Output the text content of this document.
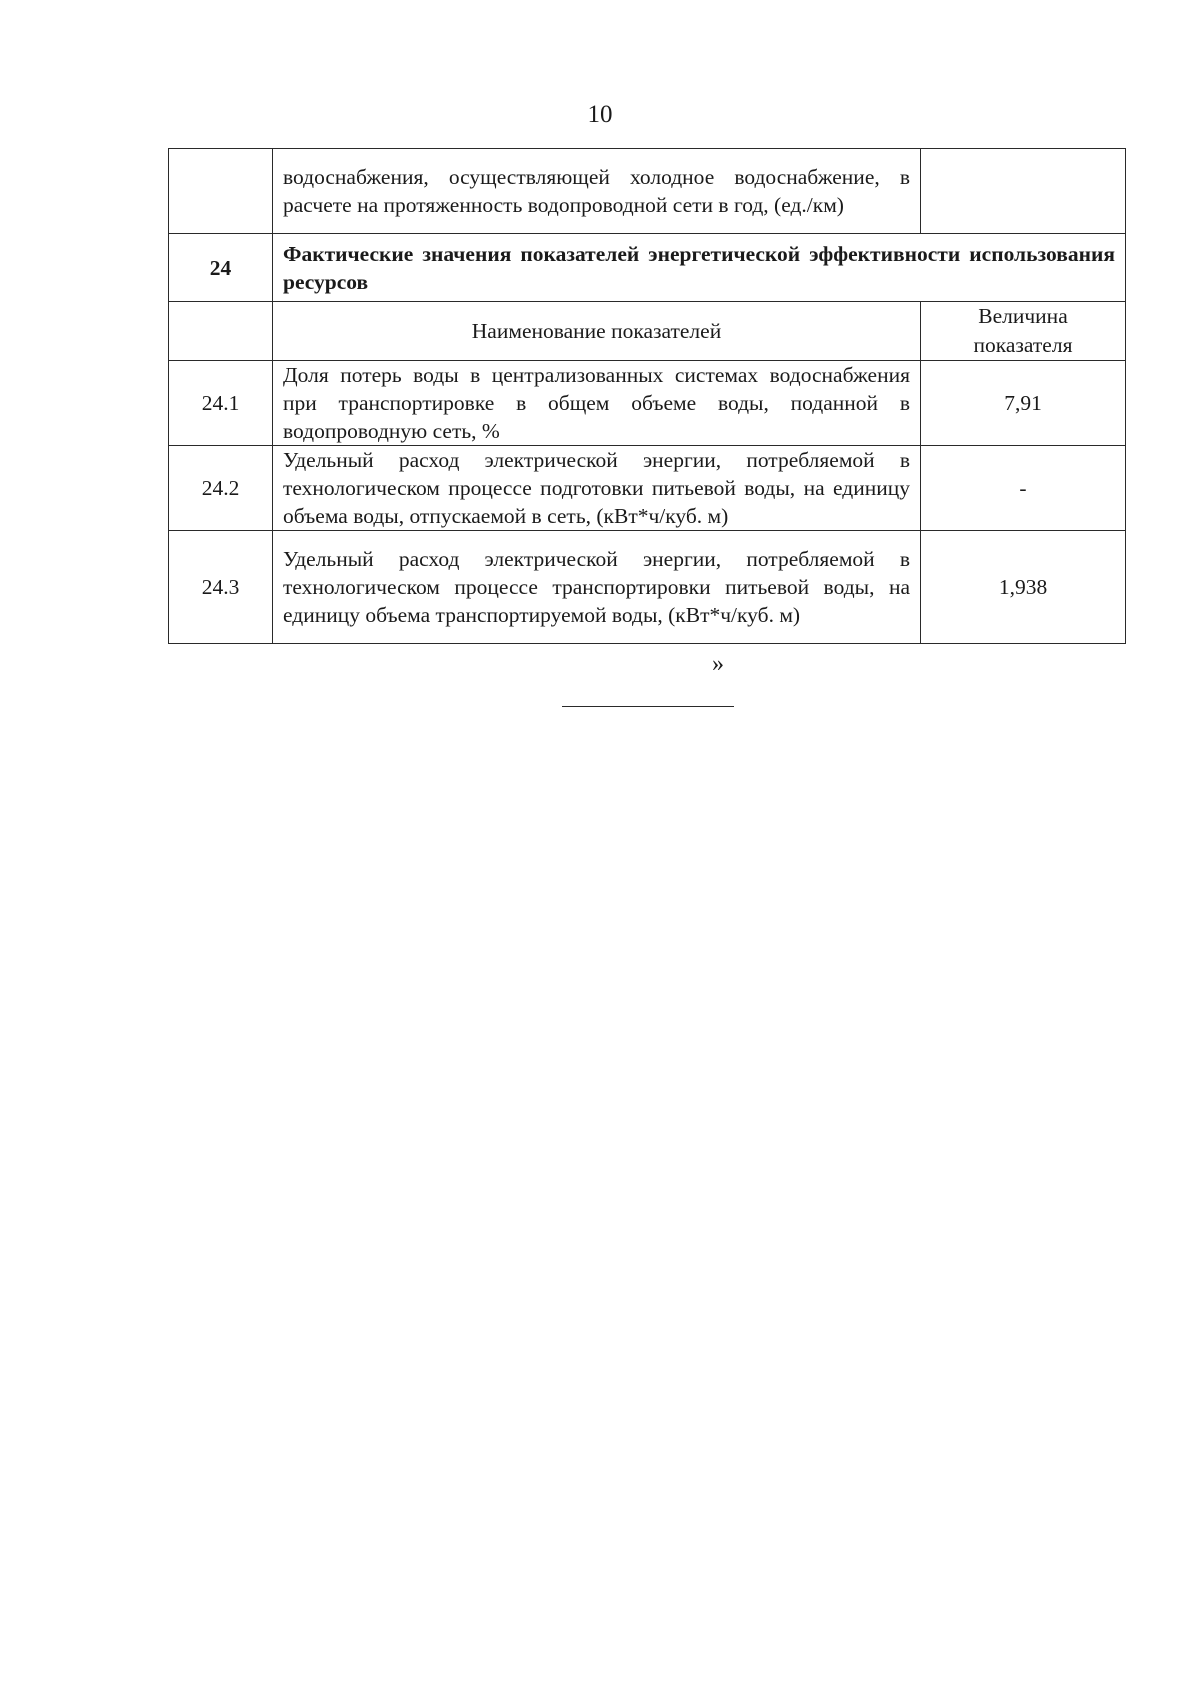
10
	водоснабжения, осуществляющей холодное водоснабжение, в расчете на протяженность водопроводной сети в год, (ед./км)	
24	Фактические значения показателей энергетической эффективности использования ресурсов	
	Наименование показателей	Величина показателя
24.1	Доля потерь воды в централизованных системах водоснабжения при транспортировке в общем объеме воды, поданной в водопроводную сеть, %	7,91
24.2	Удельный расход электрической энергии, потребляемой в технологическом процессе подготовки питьевой воды, на единицу объема воды, отпускаемой в сеть, (кВт*ч/куб. м)	-
24.3	Удельный расход электрической энергии, потребляемой в технологическом процессе транспортировки питьевой воды, на единицу объема транспортируемой воды, (кВт*ч/куб. м)	1,938
»
